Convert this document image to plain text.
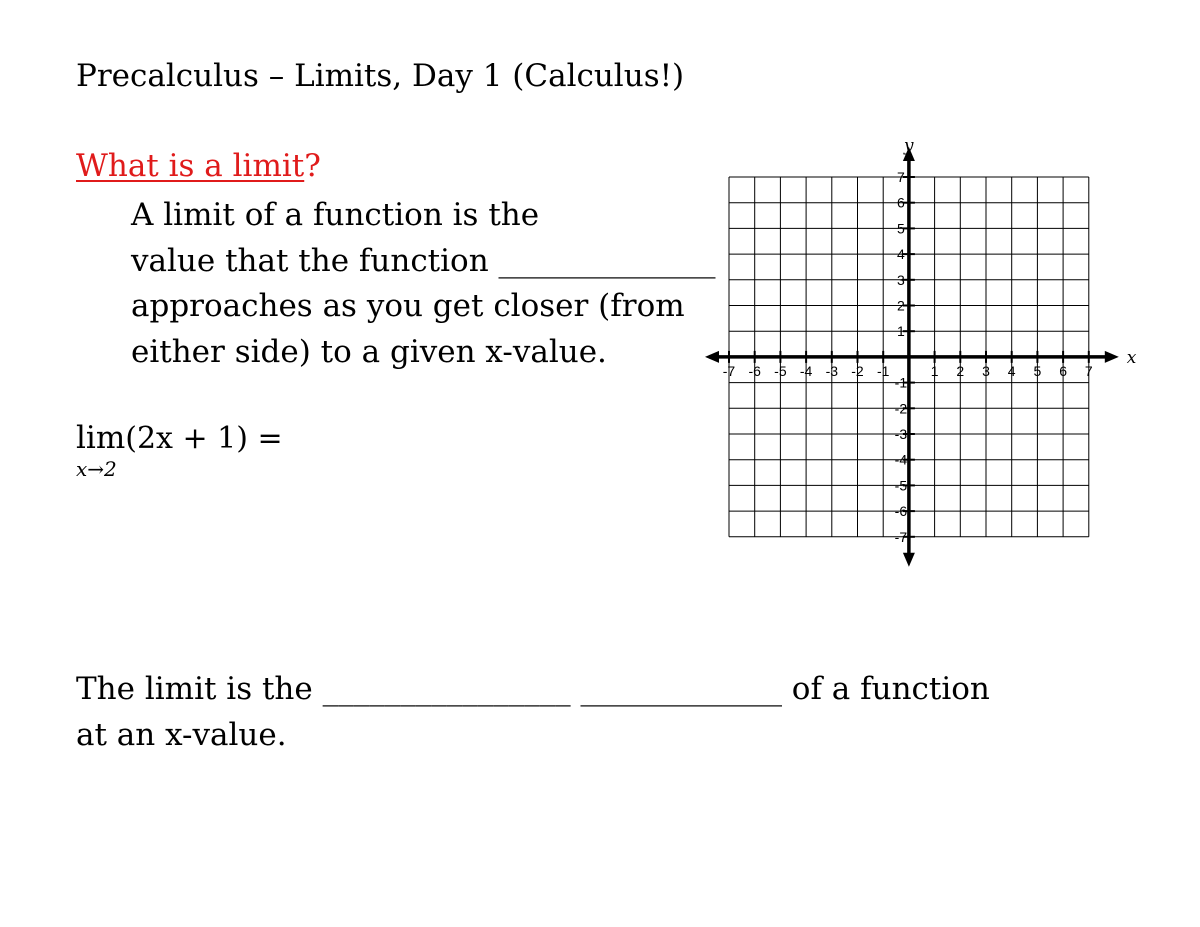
Precalculus – Limits, Day 1 (Calculus!)
What is a limit?
A limit of a function is the
value that the function ______________
approaches as you get closer (from
either side) to a given x-value.
lim
x→2
(2x + 1) =
The limit is the ________________ _____________ of a function
at an x-value.
-7 -6 -5 -4 -3 -2 -1	1 2 3 4 5 6 7
7
6
5
4
3
2
1
-1
-2
-3
-4
-5
-6
-7
x
y
